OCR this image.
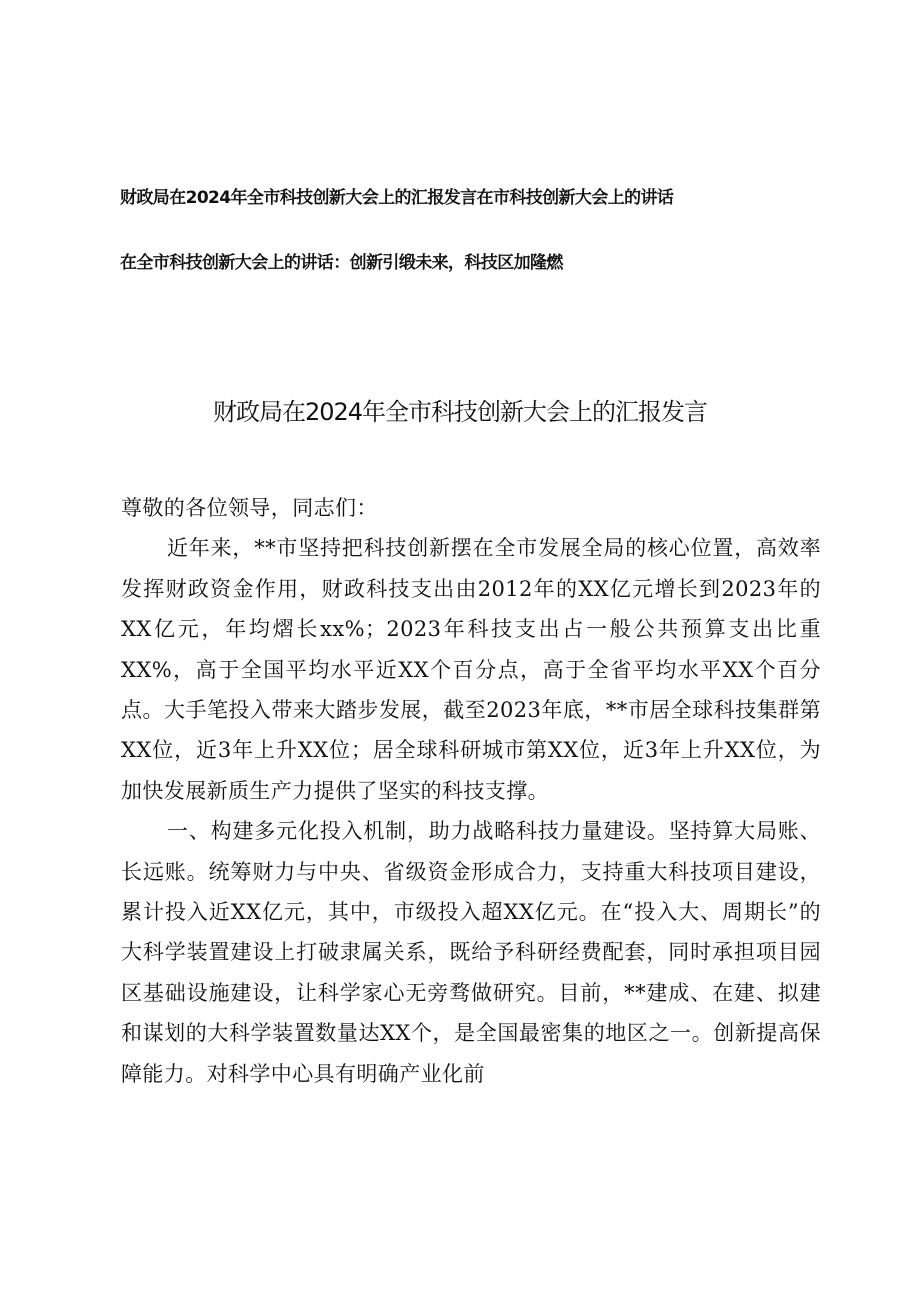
财政局在2024年全市科技创新大会上的汇报发言在市科技创新大会上的讲话
在全市科技创新大会上的讲话：创新引缎未来，科技区加隆燃
财政局在2024年全市科技创新大会上的汇报发言

尊敬的各位领导，同志们：

近年来，**市坚持把科技创新摆在全市发展全局的核心位置，高效率发挥财政资金作用，财政科技支出由2012年的XX亿元增长到2023年的XX亿元，年均熠长xx%；2023年科技支出占一般公共预算支出比重XX%，高于全国平均水平近XX个百分点，高于全省平均水平XX个百分点。大手笔投入带来大踏步发展，截至2023年底，**市居全球科技集群第XX位，近3年上升XX位；居全球科研城市第XX位，近3年上升XX位，为加快发展新质生产力提供了坚实的科技支撑。

一、构建多元化投入机制，助力战略科技力量建设。坚持算大局账、长远账。统筹财力与中央、省级资金形成合力，支持重大科技项目建设，累计投入近XX亿元，其中，市级投入超XX亿元。在“投入大、周期长”的大科学装置建设上打破隶属关系，既给予科研经费配套，同时承担项目园区基础设施建设，让科学家心无旁骛做研究。目前，**建成、在建、拟建和谋划的大科学装置数量达XX个，是全国最密集的地区之一。创新提高保障能力。对科学中心具有明确产业化前
